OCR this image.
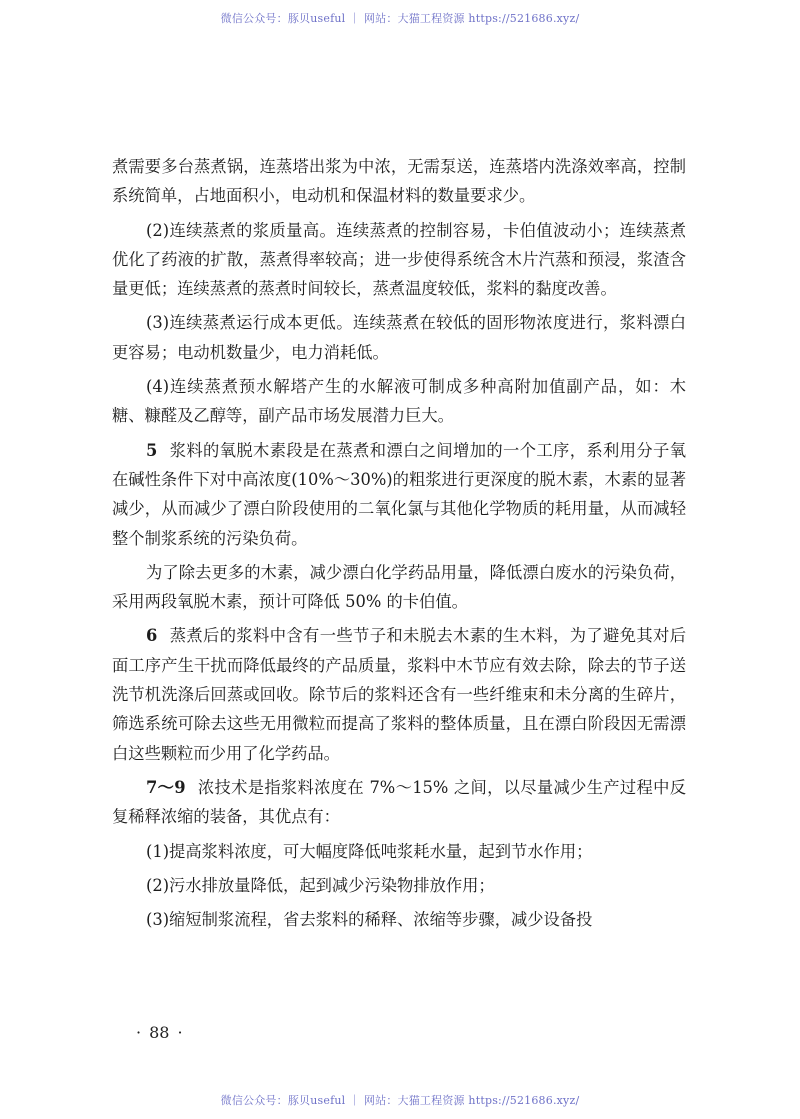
微信公众号：豚贝useful ｜ 网站：大猫工程资源 https://521686.xyz/

煮需要多台蒸煮锅，连蒸塔出浆为中浓，无需泵送，连蒸塔内洗涤效率高，控制系统简单，占地面积小，电动机和保温材料的数量要求少。

(2)连续蒸煮的浆质量高。连续蒸煮的控制容易，卡伯值波动小；连续蒸煮优化了药液的扩散，蒸煮得率较高；进一步使得系统含木片汽蒸和预浸，浆渣含量更低；连续蒸煮的蒸煮时间较长，蒸煮温度较低，浆料的黏度改善。

(3)连续蒸煮运行成本更低。连续蒸煮在较低的固形物浓度进行，浆料漂白更容易；电动机数量少，电力消耗低。

(4)连续蒸煮预水解塔产生的水解液可制成多种高附加值副产品，如：木糖、糠醛及乙醇等，副产品市场发展潜力巨大。

5 浆料的氧脱木素段是在蒸煮和漂白之间增加的一个工序，系利用分子氧在碱性条件下对中高浓度(10%～30%)的粗浆进行更深度的脱木素，木素的显著减少，从而减少了漂白阶段使用的二氧化氯与其他化学物质的耗用量，从而减轻整个制浆系统的污染负荷。

为了除去更多的木素，减少漂白化学药品用量，降低漂白废水的污染负荷，采用两段氧脱木素，预计可降低 50% 的卡伯值。

6 蒸煮后的浆料中含有一些节子和未脱去木素的生木料，为了避免其对后面工序产生干扰而降低最终的产品质量，浆料中木节应有效去除，除去的节子送洗节机洗涤后回蒸或回收。除节后的浆料还含有一些纤维束和未分离的生碎片，筛选系统可除去这些无用微粒而提高了浆料的整体质量，且在漂白阶段因无需漂白这些颗粒而少用了化学药品。

7～9 浓技术是指浆料浓度在 7%～15% 之间，以尽量减少生产过程中反复稀释浓缩的装备，其优点有：

(1)提高浆料浓度，可大幅度降低吨浆耗水量，起到节水作用；

(2)污水排放量降低，起到减少污染物排放作用；

(3)缩短制浆流程，省去浆料的稀释、浓缩等步骤，减少设备投

· 88 ·
微信公众号：豚贝useful ｜ 网站：大猫工程资源 https://521686.xyz/
